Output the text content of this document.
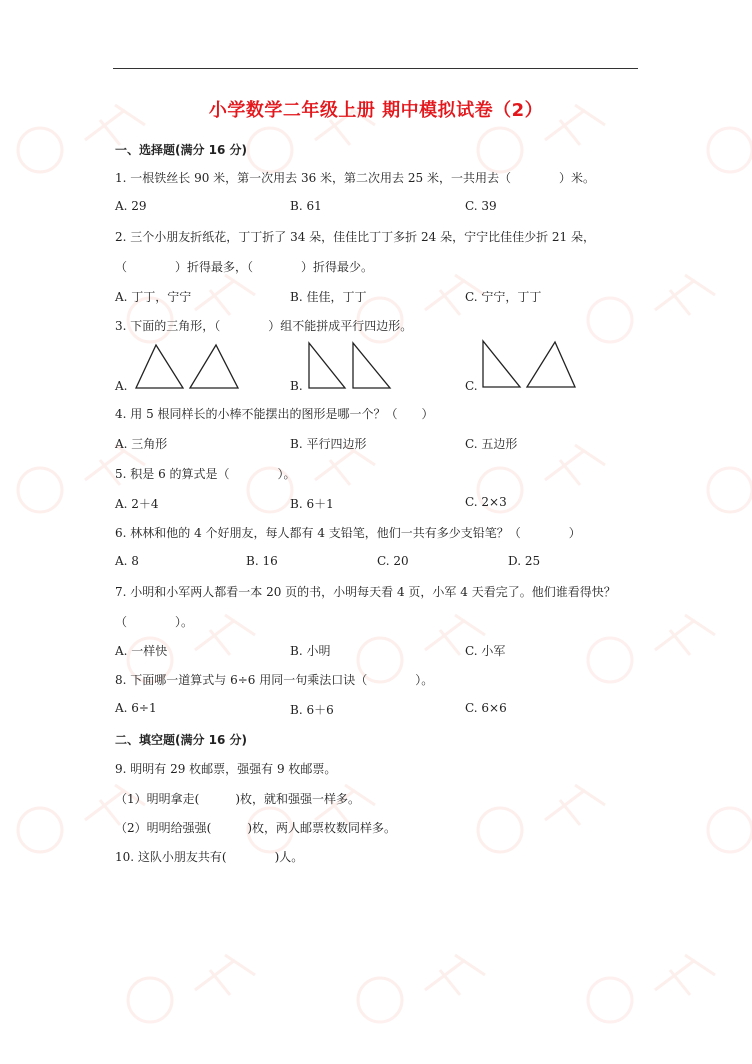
小学数学二年级上册 期中模拟试卷（2）
一、选择题(满分 16 分)
1. 一根铁丝长 90 米，第一次用去 36 米，第二次用去 25 米，一共用去（　　　　）米。
A. 29	B. 61	C. 39
2. 三个小朋友折纸花，丁丁折了 34 朵，佳佳比丁丁多折 24 朵，宁宁比佳佳少折 21 朵，
（　　　　）折得最多，（　　　　）折得最少。
A. 丁丁，宁宁	B. 佳佳，丁丁	C. 宁宁，丁丁
3. 下面的三角形，（　　　　）组不能拼成平行四边形。
A.	B.	C.
4. 用 5 根同样长的小棒不能摆出的图形是哪一个？（　　）
A. 三角形	B. 平行四边形	C. 五边形
5. 积是 6 的算式是（　　　　）。
A. 2＋4	B. 6＋1	C. 2×3
6. 林林和他的 4 个好朋友，每人都有 4 支铅笔，他们一共有多少支铅笔？（　　　　）
A. 8	B. 16	C. 20	D. 25
7. 小明和小军两人都看一本 20 页的书，小明每天看 4 页，小军 4 天看完了。他们谁看得快？
（　　　　）。
A. 一样快	B. 小明	C. 小军
8. 下面哪一道算式与 6÷6 用同一句乘法口诀（　　　　）。
A. 6÷1	B. 6＋6	C. 6×6
二、填空题(满分 16 分)
9. 明明有 29 枚邮票，强强有 9 枚邮票。
（1）明明拿走(　　　)枚，就和强强一样多。
（2）明明给强强(　　　)枚，两人邮票枚数同样多。
10. 这队小朋友共有(　　　　)人。
